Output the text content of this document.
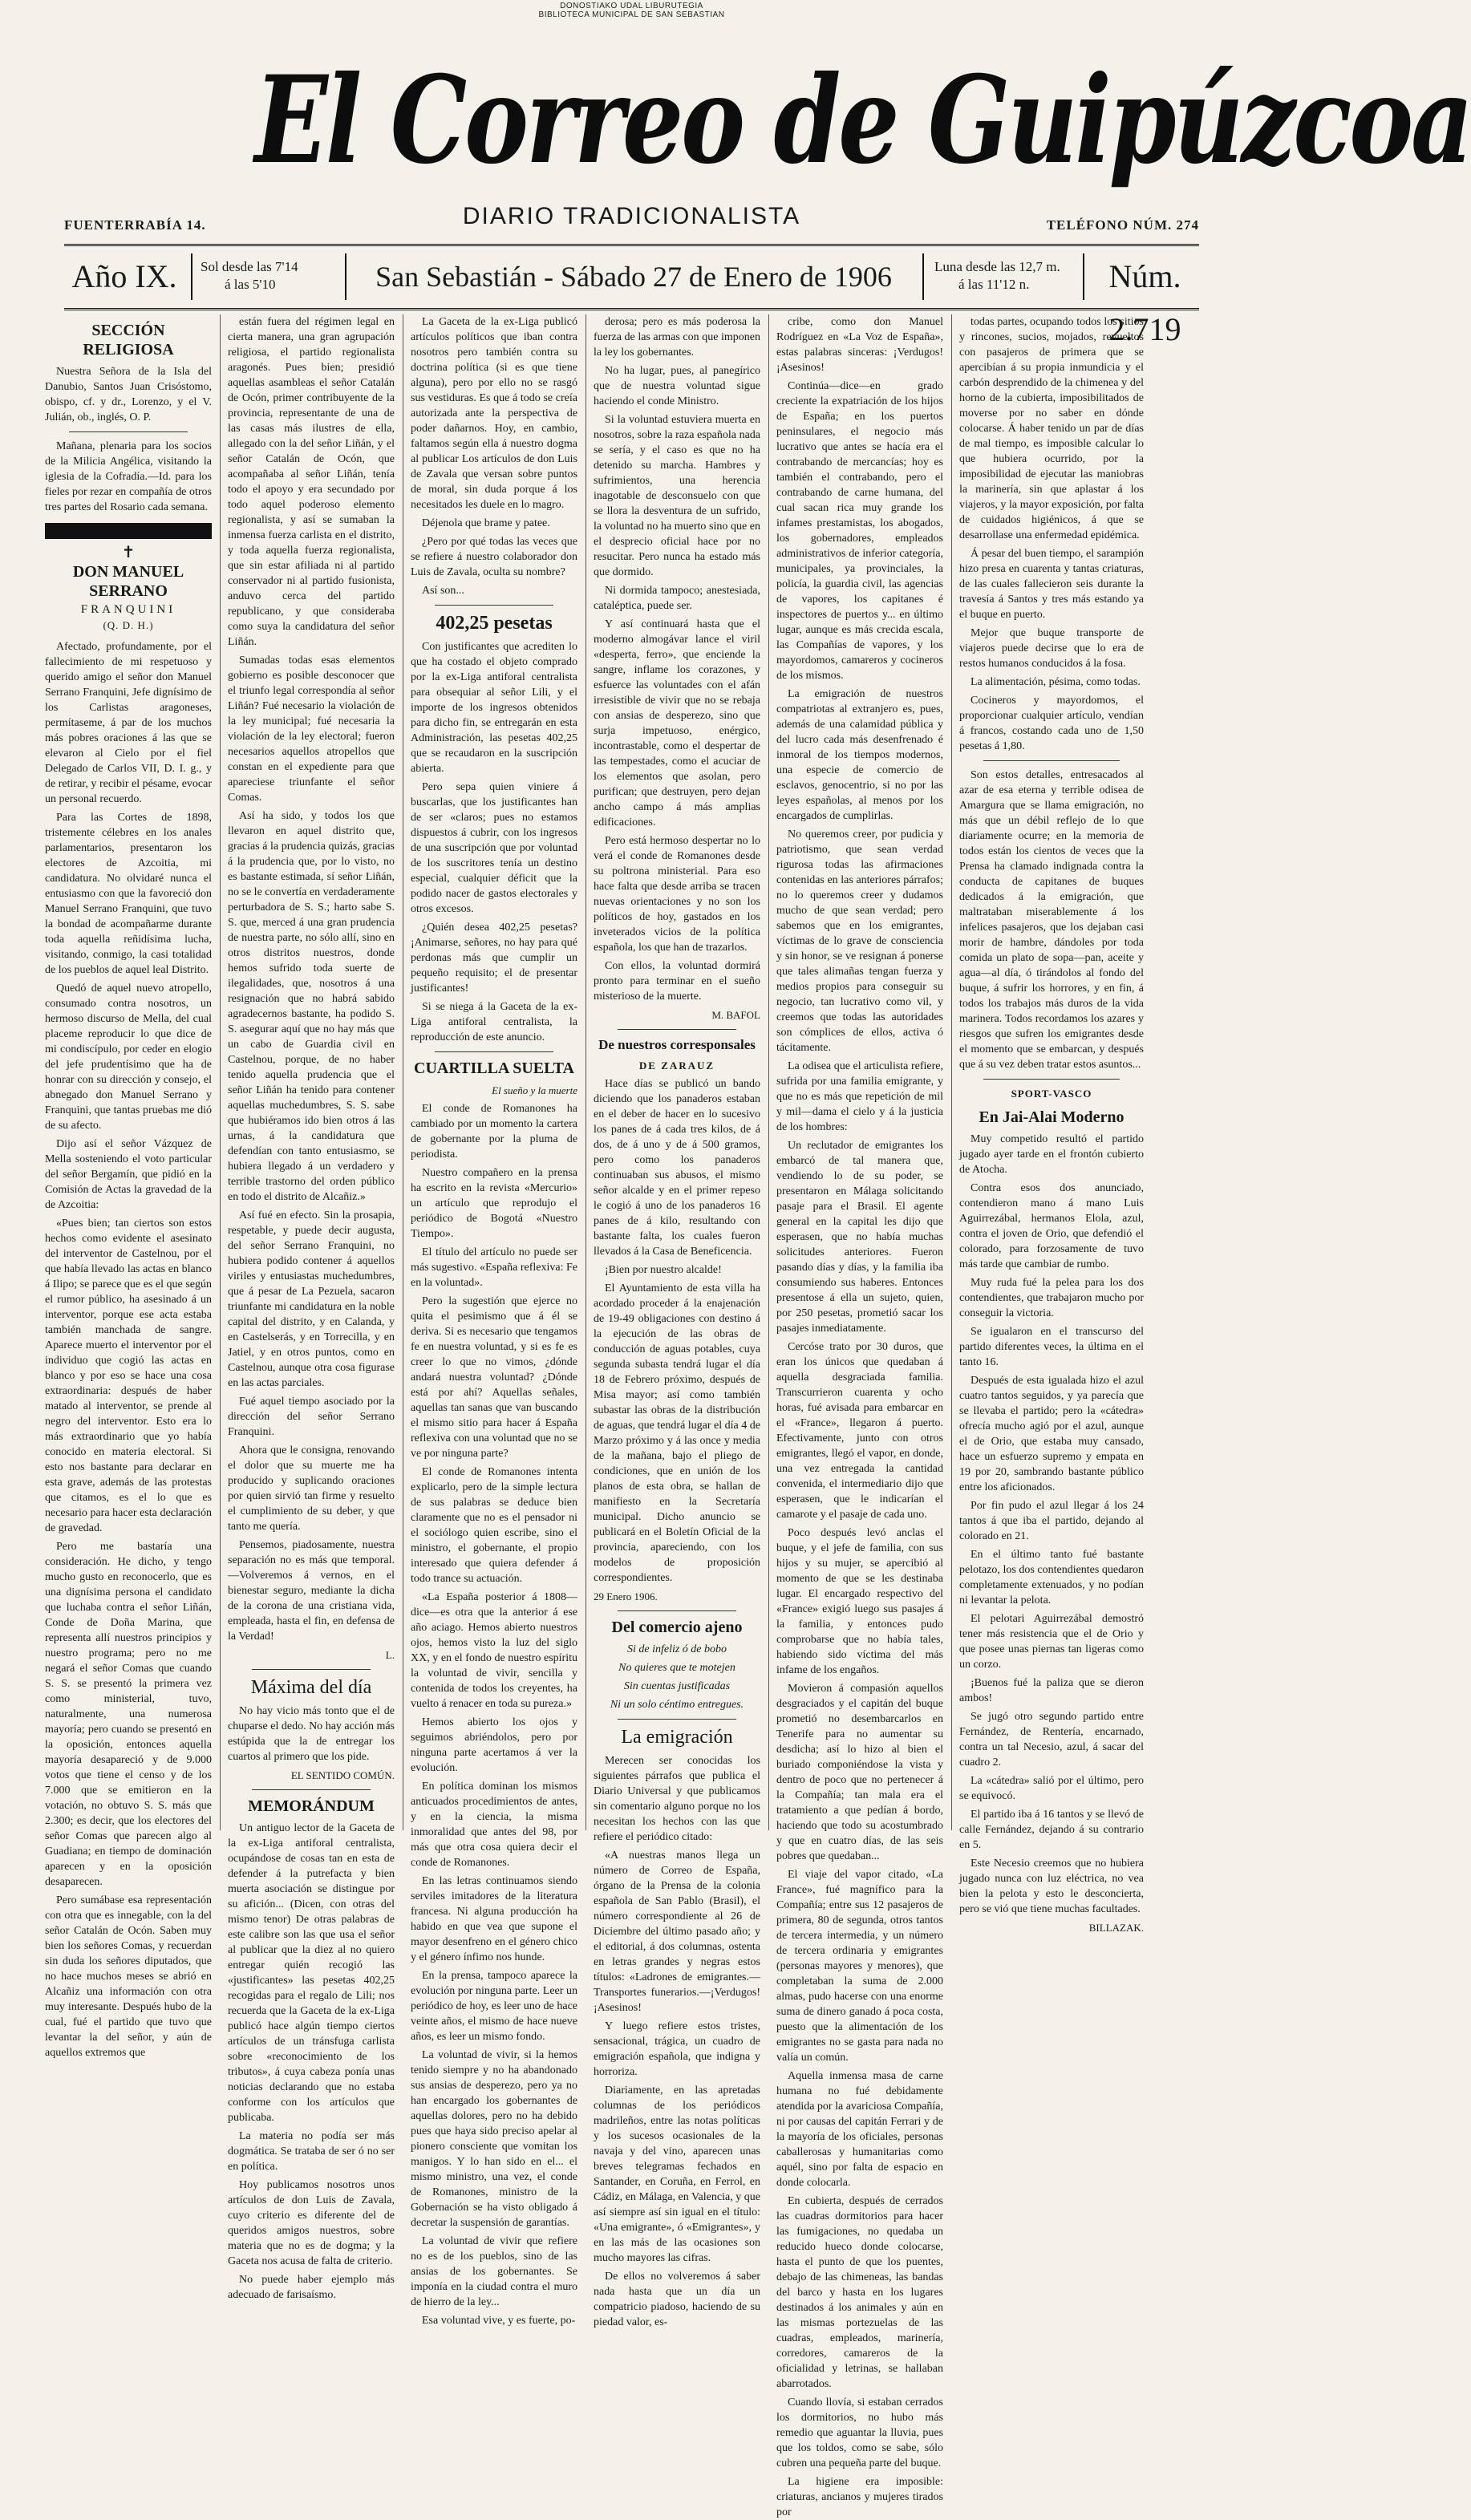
DONOSTIAKO UDAL LIBURUTEGIA
BIBLIOTECA MUNICIPAL DE SAN SEBASTIAN
El Correo de Guipúzcoa
FUENTERRABÍA 14.	DIARIO TRADICIONALISTA	TELÉFONO NÚM. 274
Año IX.	Sol desde las 7'14
á las 5'10	San Sebastián - Sábado 27 de Enero de 1906	Luna desde las 12,7 m.
á las 11'12 n.	Núm. 2.719
SECCIÓN RELIGIOSA

Nuestra Señora de la Isla del Danubio, Santos Juan Crisóstomo, obispo, cf. y dr., Lorenzo, y el V. Julián, ob., inglés, O. P.

Mañana, plenaria para los socios de la Milicia Angélica, visitando la iglesia de la Cofradía.—Id. para los fieles por rezar en compañía de otros tres partes del Rosario cada semana.

✝
DON MANUEL SERRANO
FRANQUINI
(Q. D. H.)

Afectado, profundamente, por el fallecimiento de mi respetuoso y querido amigo el señor don Manuel Serrano Franquini, Jefe dignísimo de los Carlistas aragoneses, permítaseme, á par de los muchos más pobres oraciones á las que se elevaron al Cielo por el fiel Delegado de Carlos VII, D. I. g., y de retirar, y recibir el pésame, evocar un personal recuerdo.

Para las Cortes de 1898, tristemente célebres en los anales parlamentarios, presentaron los electores de Azcoitia, mi candidatura. No olvidaré nunca el entusiasmo con que la favoreció don Manuel Serrano Franquini, que tuvo la bondad de acompañarme durante toda aquella reñidísima lucha, visitando, conmigo, la casi totalidad de los pueblos de aquel leal Distrito.

Quedó de aquel nuevo atropello, consumado contra nosotros, un hermoso discurso de Mella, del cual placeme reproducir lo que dice de mi condiscípulo, por ceder en elogio del jefe prudentísimo que ha de honrar con su dirección y consejo, el abnegado don Manuel Serrano y Franquini, que tantas pruebas me dió de su afecto.

Dijo así el señor Vázquez de Mella sosteniendo el voto particular del señor Bergamín, que pidió en la Comisión de Actas la gravedad de la de Azcoitia:

«Pues bien; tan ciertos son estos hechos como evidente el asesinato del interventor de Castelnou, por el que había llevado las actas en blanco á Ilipo; se parece que es el que según el rumor público, ha asesinado á un interventor, porque ese acta estaba también manchada de sangre. Aparece muerto el interventor por el individuo que cogió las actas en blanco y por eso se hace una cosa extraordinaria: después de haber matado al interventor, se prende al negro del interventor. Esto era lo más extraordinario que yo había conocido en materia electoral. Si esto nos bastante para declarar en esta grave, además de las protestas que citamos, es el lo que es necesario para hacer esta declaración de gravedad.

Pero me bastaría una consideración. He dicho, y tengo mucho gusto en reconocerlo, que es una dignísima persona el candidato que luchaba contra el señor Liñán, Conde de Doña Marina, que representa allí nuestros principios y nuestro programa; pero no me negará el señor Comas que cuando S. S. se presentó la primera vez como ministerial, tuvo, naturalmente, una numerosa mayoría; pero cuando se presentó en la oposición, entonces aquella mayoría desapareció y de 9.000 votos que tiene el censo y de los 7.000 que se emitieron en la votación, no obtuvo S. S. más que 2.300; es decir, que los electores del señor Comas que parecen algo al Guadiana; en tiempo de dominación aparecen y en la oposición desaparecen.

Pero sumábase esa representación con otra que es innegable, con la del señor Catalán de Ocón. Saben muy bien los señores Comas, y recuerdan sin duda los señores diputados, que no hace muchos meses se abrió en Alcañiz una información con otra muy interesante. Después hubo de la cual, fué el partido que tuvo que levantar la del señor, y aún de aquellos extremos que

están fuera del régimen legal en cierta manera, una gran agrupación religiosa, el partido regionalista aragonés. Pues bien; presidió aquellas asambleas el señor Catalán de Ocón, primer contribuyente de la provincia, representante de una de las casas más ilustres de ella, allegado con la del señor Liñán, y el señor Catalán de Ocón, que acompañaba al señor Liñán, tenía todo el apoyo y era secundado por todo aquel poderoso elemento regionalista, y así se sumaban la inmensa fuerza carlista en el distrito, y toda aquella fuerza regionalista, que sin estar afiliada ni al partido conservador ni al partido fusionista, anduvo cerca del partido republicano, y que consideraba como suya la candidatura del señor Liñán.

Sumadas todas esas elementos gobierno es posible desconocer que el triunfo legal correspondía al señor Liñán? Fué necesario la violación de la ley municipal; fué necesaria la violación de la ley electoral; fueron necesarios aquellos atropellos que constan en el expediente para que apareciese triunfante el señor Comas.

Así ha sido, y todos los que llevaron en aquel distrito que, gracias á la prudencia quizás, gracias á la prudencia que, por lo visto, no es bastante estimada, sí señor Liñán, no se le convertía en verdaderamente perturbadora de S. S.; harto sabe S. S. que, merced á una gran prudencia de nuestra parte, no sólo allí, sino en otros distritos nuestros, donde hemos sufrido toda suerte de ilegalidades, que, nosotros á una resignación que no habrá sabido agradecernos bastante, ha podido S. S. asegurar aquí que no hay más que un cabo de Guardia civil en Castelnou, porque, de no haber tenido aquella prudencia que el señor Liñán ha tenido para contener aquellas muchedumbres, S. S. sabe que hubiéramos ido bien otros á las urnas, á la candidatura que defendían con tanto entusiasmo, se hubiera llegado á un verdadero y terrible trastorno del orden público en todo el distrito de Alcañiz.»

Así fué en efecto. Sin la prosapia, respetable, y puede decir augusta, del señor Serrano Franquini, no hubiera podido contener á aquellos viriles y entusiastas muchedumbres, que á pesar de La Pezuela, sacaron triunfante mi candidatura en la noble capital del distrito, y en Calanda, y en Castelserás, y en Torrecilla, y en Jatiel, y en otros puntos, como en Castelnou, aunque otra cosa figurase en las actas parciales.

Fué aquel tiempo asociado por la dirección del señor Serrano Franquini.

Ahora que le consigna, renovando el dolor que su muerte me ha producido y suplicando oraciones por quien sirvió tan firme y resuelto el cumplimiento de su deber, y que tanto me quería.

Pensemos, piadosamente, nuestra separación no es más que temporal.—Volveremos á vernos, en el bienestar seguro, mediante la dicha de la corona de una cristiana vida, empleada, hasta el fin, en defensa de la Verdad!

L.
Máxima del día

No hay vicio más tonto que el de chuparse el dedo. No hay acción más estúpida que la de entregar los cuartos al primero que los pide.

EL SENTIDO COMÚN.
MEMORÁNDUM

Un antiguo lector de la Gaceta de la ex-Liga antiforal centralista, ocupándose de cosas tan en esta de defender á la putrefacta y bien muerta asociación se distingue por su afición... (Dicen, con otras del mismo tenor) De otras palabras de este calibre son las que usa el señor al publicar que la diez al no quiero entregar quién recogió las «justificantes» las pesetas 402,25 recogidas para el regalo de Lili; nos recuerda que la Gaceta de la ex-Liga publicó hace algún tiempo ciertos artículos de un tránsfuga carlista sobre «reconocimiento de los tributos», á cuya cabeza ponía unas noticias declarando que no estaba conforme con los artículos que publicaba.

La materia no podía ser más dogmática. Se trataba de ser ó no ser en política.

Hoy publicamos nosotros unos artículos de don Luis de Zavala, cuyo criterio es diferente del de queridos amigos nuestros, sobre materia que no es de dogma; y la Gaceta nos acusa de falta de criterio.

No puede haber ejemplo más adecuado de farisaísmo.

La Gaceta de la ex-Liga publicó artículos políticos que iban contra nosotros pero también contra su doctrina política (si es que tiene alguna), pero por ello no se rasgó sus vestiduras. Es que á todo se creía autorizada ante la perspectiva de poder dañarnos. Hoy, en cambio, faltamos según ella á nuestro dogma al publicar Los artículos de don Luis de Zavala que versan sobre puntos de moral, sin duda porque á los necesitados les duele en lo magro.

Déjenola que brame y patee.

¿Pero por qué todas las veces que se refiere á nuestro colaborador don Luis de Zavala, oculta su nombre?

Así son...

402,25 pesetas

Con justificantes que acrediten lo que ha costado el objeto comprado por la ex-Liga antiforal centralista para obsequiar al señor Lili, y el importe de los ingresos obtenidos para dicho fin, se entregarán en esta Administración, las pesetas 402,25 que se recaudaron en la suscripción abierta.

Pero sepa quien viniere á buscarlas, que los justificantes han de ser «claros; pues no estamos dispuestos á cubrir, con los ingresos de una suscripción que por voluntad de los suscritores tenía un destino especial, cualquier déficit que la podido nacer de gastos electorales y otros excesos.

¿Quién desea 402,25 pesetas? ¡Animarse, señores, no hay para qué perdonas más que cumplir un pequeño requisito; el de presentar justificantes!

Si se niega á la Gaceta de la ex-Liga antiforal centralista, la reproducción de este anuncio.

CUARTILLA SUELTA
El sueño y la muerte

El conde de Romanones ha cambiado por un momento la cartera de gobernante por la pluma de periodista.

Nuestro compañero en la prensa ha escrito en la revista «Mercurio» un artículo que reprodujo el periódico de Bogotá «Nuestro Tiempo».

El título del artículo no puede ser más sugestivo. «España reflexiva: Fe en la voluntad».

Pero la sugestión que ejerce no quita el pesimismo que á él se deriva. Si es necesario que tengamos fe en nuestra voluntad, y si es fe es creer lo que no vimos, ¿dónde andará nuestra voluntad? ¿Dónde está por ahí? Aquellas señales, aquellas tan sanas que van buscando el mismo sitio para hacer á España reflexiva con una voluntad que no se ve por ninguna parte?

El conde de Romanones intenta explicarlo, pero de la simple lectura de sus palabras se deduce bien claramente que no es el pensador ni el sociólogo quien escribe, sino el ministro, el gobernante, el propio interesado que quiera defender á todo trance su actuación.

«La España posterior á 1808—dice—es otra que la anterior á ese año aciago. Hemos abierto nuestros ojos, hemos visto la luz del siglo XX, y en el fondo de nuestro espíritu la voluntad de vivir, sencilla y contenida de todos los creyentes, ha vuelto á renacer en toda su pureza.»

Hemos abierto los ojos y seguimos abriéndolos, pero por ninguna parte acertamos á ver la evolución.

En política dominan los mismos anticuados procedimientos de antes, y en la ciencia, la misma inmoralidad que antes del 98, por más que otra cosa quiera decir el conde de Romanones.

En las letras continuamos siendo serviles imitadores de la literatura francesa. Ni alguna producción ha habido en que vea que supone el mayor desenfreno en el género chico y el género ínfimo nos hunde.

En la prensa, tampoco aparece la evolución por ninguna parte. Leer un periódico de hoy, es leer uno de hace veinte años, el mismo de hace nueve años, es leer un mismo fondo.

La voluntad de vivir, si la hemos tenido siempre y no ha abandonado sus ansias de desperezo, pero ya no han encargado los gobernantes de aquellas dolores, pero no ha debido pues que haya sido preciso apelar al pionero consciente que vomitan los manigos. Y lo han sido en el... el mismo ministro, una vez, el conde de Romanones, ministro de la Gobernación se ha visto obligado á decretar la suspensión de garantías.

La voluntad de vivir que refiere no es de los pueblos, sino de las ansias de los gobernantes. Se imponía en la ciudad contra el muro de hierro de la ley...

Esa voluntad vive, y es fuerte, po-

derosa; pero es más poderosa la fuerza de las armas con que imponen la ley los gobernantes.

No ha lugar, pues, al panegírico que de nuestra voluntad sigue haciendo el conde Ministro.

Si la voluntad estuviera muerta en nosotros, sobre la raza española nada se sería, y el caso es que no ha detenido su marcha. Hambres y sufrimientos, una herencia inagotable de desconsuelo con que se llora la desventura de un sufrido, la voluntad no ha muerto sino que en el desprecio oficial hace por no resucitar. Pero nunca ha estado más que dormido.

Ni dormida tampoco; anestesiada, cataléptica, puede ser.

Y así continuará hasta que el moderno almogávar lance el viril «desperta, ferro», que enciende la sangre, inflame los corazones, y esfuerce las voluntades con el afán irresistible de vivir que no se rebaja con ansias de desperezo, sino que surja impetuoso, enérgico, incontrastable, como el despertar de las tempestades, como el acuciar de los elementos que asolan, pero purifican; que destruyen, pero dejan ancho campo á más amplias edificaciones.

Pero está hermoso despertar no lo verá el conde de Romanones desde su poltrona ministerial. Para eso hace falta que desde arriba se tracen nuevas orientaciones y no son los políticos de hoy, gastados en los inveterados vicios de la política española, los que han de trazarlos.

Con ellos, la voluntad dormirá pronto para terminar en el sueño misterioso de la muerte.

M. BAFOL
De nuestros corresponsales
DE ZARAUZ

Hace días se publicó un bando diciendo que los panaderos estaban en el deber de hacer en lo sucesivo los panes de á cada tres kilos, de á dos, de á uno y de á 500 gramos, pero como los panaderos continuaban sus abusos, el mismo señor alcalde y en el primer repeso le cogió á uno de los panaderos 16 panes de á kilo, resultando con bastante falta, los cuales fueron llevados á la Casa de Beneficencia.

¡Bien por nuestro alcalde!

El Ayuntamiento de esta villa ha acordado proceder á la enajenación de 19-49 obligaciones con destino á la ejecución de las obras de conducción de aguas potables, cuya segunda subasta tendrá lugar el día 18 de Febrero próximo, después de Misa mayor; así como también subastar las obras de la distribución de aguas, que tendrá lugar el día 4 de Marzo próximo y á las once y media de la mañana, bajo el pliego de condiciones, que en unión de los planos de esta obra, se hallan de manifiesto en la Secretaría municipal. Dicho anuncio se publicará en el Boletín Oficial de la provincia, apareciendo, con los modelos de proposición correspondientes.

29 Enero 1906.
Del comercio ajeno

Si de infeliz ó de bobo

No quieres que te motejen

Sin cuentas justificadas

Ni un solo céntimo entregues.

La emigración

Merecen ser conocidas los siguientes párrafos que publica el Diario Universal y que publicamos sin comentario alguno porque no los necesitan los hechos con las que refiere el periódico citado:

«A nuestras manos llega un número de Correo de España, órgano de la Prensa de la colonia española de San Pablo (Brasil), el número correspondiente al 26 de Diciembre del último pasado año; y el editorial, á dos columnas, ostenta en letras grandes y negras estos títulos: «Ladrones de emigrantes.—Transportes funerarios.—¡Verdugos! ¡Asesinos!

Y luego refiere estos tristes, sensacional, trágica, un cuadro de emigración española, que indigna y horroriza.

Diariamente, en las apretadas columnas de los periódicos madrileños, entre las notas políticas y los sucesos ocasionales de la navaja y del vino, aparecen unas breves telegramas fechados en Santander, en Coruña, en Ferrol, en Cádiz, en Málaga, en Valencia, y que así siempre así sin igual en el título: «Una emigrante», ó «Emigrantes», y en las más de las ocasiones son mucho mayores las cifras.

De ellos no volveremos á saber nada hasta que un día un compatricio piadoso, haciendo de su piedad valor, es-

cribe, como don Manuel Rodríguez en «La Voz de España», estas palabras sinceras: ¡Verdugos! ¡Asesinos!

Continúa—dice—en grado creciente la expatriación de los hijos de España; en los puertos peninsulares, el negocio más lucrativo que antes se hacía era el contrabando de mercancías; hoy es también el contrabando, pero el contrabando de carne humana, del cual sacan rica muy grande los infames prestamistas, los abogados, los gobernadores, empleados administrativos de inferior categoría, municipales, ya provinciales, la policía, la guardia civil, las agencias de vapores, los capitanes é inspectores de puertos y... en último lugar, aunque es más crecida escala, las Compañías de vapores, y los mayordomos, camareros y cocineros de los mismos.

La emigración de nuestros compatriotas al extranjero es, pues, además de una calamidad pública y del lucro cada más desenfrenado é inmoral de los tiempos modernos, una especie de comercio de esclavos, genocentrio, si no por las leyes españolas, al menos por los encargados de cumplirlas.

No queremos creer, por pudicia y patriotismo, que sean verdad rigurosa todas las afirmaciones contenidas en las anteriores párrafos; no lo queremos creer y dudamos mucho de que sean verdad; pero sabemos que en los emigrantes, víctimas de lo grave de consciencia y sin honor, se ve resignan á ponerse que tales alimañas tengan fuerza y medios propios para conseguir su negocio, tan lucrativo como vil, y creemos que todas las autoridades son cómplices de ellos, activa ó tácitamente.

La odisea que el articulista refiere, sufrida por una familia emigrante, y que no es más que repetición de mil y mil—dama el cielo y á la justicia de los hombres:

Un reclutador de emigrantes los embarcó de tal manera que, vendiendo lo de su poder, se presentaron en Málaga solicitando pasaje para el Brasil. El agente general en la capital les dijo que esperasen, que no había muchas solicitudes anteriores. Fueron pasando días y días, y la familia iba consumiendo sus haberes. Entonces presentose á ella un sujeto, quien, por 250 pesetas, prometió sacar los pasajes inmediatamente.

Cercóse trato por 30 duros, que eran los únicos que quedaban á aquella desgraciada familia. Transcurrieron cuarenta y ocho horas, fué avisada para embarcar en el «France», llegaron á puerto. Efectivamente, junto con otros emigrantes, llegó el vapor, en donde, una vez entregada la cantidad convenida, el intermediario dijo que esperasen, que le indicarían el camarote y el pasaje de cada uno.

Poco después levó anclas el buque, y el jefe de familia, con sus hijos y su mujer, se apercibió al momento de que se les destinaba lugar. El encargado respectivo del «France» exigió luego sus pasajes á la familia, y entonces pudo comprobarse que no había tales, habiendo sido víctima del más infame de los engaños.

Movieron á compasión aquellos desgraciados y el capitán del buque prometió no desembarcarlos en Tenerife para no aumentar su desdicha; así lo hizo al bien el buriado componiéndose la vista y dentro de poco que no pertenecer á la Compañía; tan mala era el tratamiento a que pedían á bordo, haciendo que todo su acostumbrado y que en cuatro días, de las seis pobres que quedaban...

El viaje del vapor citado, «La France», fué magnífico para la Compañía; entre sus 12 pasajeros de primera, 80 de segunda, otros tantos de tercera intermedia, y un número de tercera ordinaria y emigrantes (personas mayores y menores), que completaban la suma de 2.000 almas, pudo hacerse con una enorme suma de dinero ganado á poca costa, puesto que la alimentación de los emigrantes no se gasta para nada no valía un común.

Aquella inmensa masa de carne humana no fué debidamente atendida por la avariciosa Compañía, ni por causas del capitán Ferrari y de la mayoría de los oficiales, personas caballerosas y humanitarias como aquél, sino por falta de espacio en donde colocarla.

En cubierta, después de cerrados las cuadras dormitorios para hacer las fumigaciones, no quedaba un reducido hueco donde colocarse, hasta el punto de que los puentes, debajo de las chimeneas, las bandas del barco y hasta en los lugares destinados á los animales y aún en las mismas portezuelas de las cuadras, empleados, marinería, corredores, camareros de la oficialidad y letrinas, se hallaban abarrotados.

Cuando llovía, si estaban cerrados los dormitorios, no hubo más remedio que aguantar la lluvia, pues que los toldos, como se sabe, sólo cubren una pequeña parte del buque.

La higiene era imposible: criaturas, ancianos y mujeres tirados por

todas partes, ocupando todos los sitios y rincones, sucios, mojados, revueltos con pasajeros de primera que se apercibían á su propia inmundicia y el carbón desprendido de la chimenea y del horno de la cubierta, imposibilitados de moverse por no saber en dónde colocarse. Á haber tenido un par de días de mal tiempo, es imposible calcular lo que hubiera ocurrido, por la imposibilidad de ejecutar las maniobras la marinería, sin que aplastar á los viajeros, y la mayor exposición, por falta de cuidados higiénicos, á que se desarrollase una enfermedad epidémica.

Á pesar del buen tiempo, el sarampión hizo presa en cuarenta y tantas criaturas, de las cuales fallecieron seis durante la travesía á Santos y tres más estando ya el buque en puerto.

Mejor que buque transporte de viajeros puede decirse que lo era de restos humanos conducidos á la fosa.

La alimentación, pésima, como todas.

Cocineros y mayordomos, el proporcionar cualquier artículo, vendían á francos, costando cada uno de 1,50 pesetas á 1,80.

Son estos detalles, entresacados al azar de esa eterna y terrible odisea de Amargura que se llama emigración, no más que un débil reflejo de lo que diariamente ocurre; en la memoria de todos están los cientos de veces que la Prensa ha clamado indignada contra la conducta de capitanes de buques dedicados á la emigración, que maltrataban miserablemente á los infelices pasajeros, que los dejaban casi morir de hambre, dándoles por toda comida un plato de sopa—pan, aceite y agua—al día, ó tirándolos al fondo del buque, á sufrir los horrores, y en fin, á todos los trabajos más duros de la vida marinera. Todos recordamos los azares y riesgos que sufren los emigrantes desde el momento que se embarcan, y después que á su vez deben tratar estos asuntos...

SPORT-VASCO
En Jai-Alai Moderno

Muy competido resultó el partido jugado ayer tarde en el frontón cubierto de Atocha.

Contra esos dos anunciado, contendieron mano á mano Luis Aguirrezábal, hermanos Elola, azul, contra el joven de Orio, que defendió el colorado, para forzosamente de tuvo más tarde que cambiar de rumbo.

Muy ruda fué la pelea para los dos contendientes, que trabajaron mucho por conseguir la victoria.

Se igualaron en el transcurso del partido diferentes veces, la última en el tanto 16.

Después de esta igualada hizo el azul cuatro tantos seguidos, y ya parecía que se llevaba el partido; pero la «cátedra» ofrecía mucho agió por el azul, aunque el de Orio, que estaba muy cansado, hace un esfuerzo supremo y empata en 19 por 20, sambrando bastante público entre los aficionados.

Por fin pudo el azul llegar á los 24 tantos á que iba el partido, dejando al colorado en 21.

En el último tanto fué bastante pelotazo, los dos contendientes quedaron completamente extenuados, y no podían ni levantar la pelota.

El pelotari Aguirrezábal demostró tener más resistencia que el de Orio y que posee unas piernas tan ligeras como un corzo.

¡Buenos fué la paliza que se dieron ambos!

Se jugó otro segundo partido entre Fernández, de Rentería, encarnado, contra un tal Necesio, azul, á sacar del cuadro 2.

La «cátedra» salió por el último, pero se equivocó.

El partido iba á 16 tantos y se llevó de calle Fernández, dejando á su contrario en 5.

Este Necesio creemos que no hubiera jugado nunca con luz eléctrica, no vea bien la pelota y esto le desconcierta, pero se vió que tiene muchas facultades.

BILLAZAK.
